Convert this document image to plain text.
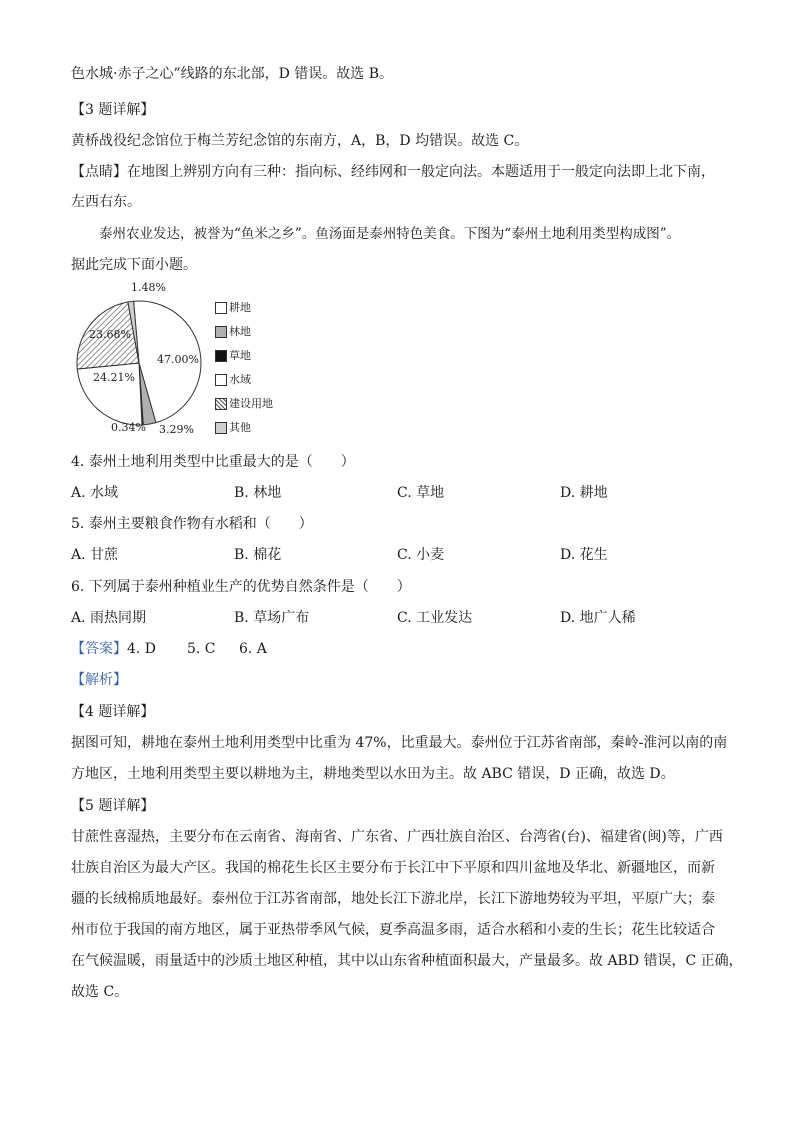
色水城·赤子之心”线路的东北部，D 错误。故选 B。
【3 题详解】
黄桥战役纪念馆位于梅兰芳纪念馆的东南方，A，B，D 均错误。故选 C。
【点睛】在地图上辨别方向有三种：指向标、经纬网和一般定向法。本题适用于一般定向法即上北下南，
左西右东。
泰州农业发达，被誉为“鱼米之乡”。鱼汤面是泰州特色美食。下图为“泰州土地利用类型构成图”。
据此完成下面小题。
47.00%
3.29%
0.34%
24.21%
23.68%
1.48%
耕地
林地
草地
水域
建设用地
其他
4. 泰州土地利用类型中比重最大的是（　　）
A. 水域	B. 林地	C. 草地	D. 耕地
5. 泰州主要粮食作物有水稻和（　　）
A. 甘蔗	B. 棉花	C. 小麦	D. 花生
6. 下列属于泰州种植业生产的优势自然条件是（　　）
A. 雨热同期	B. 草场广布	C. 工业发达	D. 地广人稀
【答案】4. D 5. C 6. A
【解析】
【4 题详解】
据图可知，耕地在泰州土地利用类型中比重为 47%，比重最大。泰州位于江苏省南部，秦岭-淮河以南的南
方地区，土地利用类型主要以耕地为主，耕地类型以水田为主。故 ABC 错误，D 正确，故选 D。
【5 题详解】
甘蔗性喜湿热，主要分布在云南省、海南省、广东省、广西壮族自治区、台湾省(台)、福建省(闽)等，广西
壮族自治区为最大产区。我国的棉花生长区主要分布于长江中下平原和四川盆地及华北、新疆地区，而新
疆的长绒棉质地最好。泰州位于江苏省南部，地处长江下游北岸，长江下游地势较为平坦，平原广大；泰
州市位于我国的南方地区，属于亚热带季风气候，夏季高温多雨，适合水稻和小麦的生长；花生比较适合
在气候温暖，雨量适中的沙质土地区种植，其中以山东省种植面积最大，产量最多。故 ABD 错误，C 正确，
故选 C。
